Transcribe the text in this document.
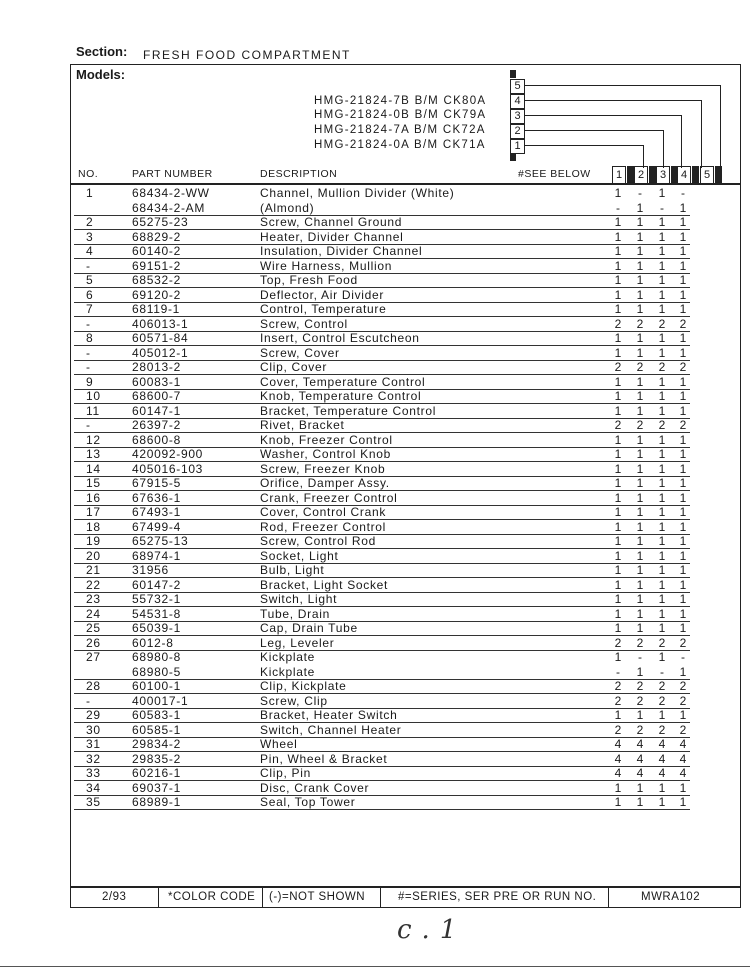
Section: FRESH FOOD COMPARTMENT
Models:
HMG-21824-7B B/M CK80A
HMG-21824-0B B/M CK79A
HMG-21824-7A B/M CK72A
HMG-21824-0A B/M CK71A
5
4
3
2
1
NO.	PART NUMBER	DESCRIPTION	#SEE BELOW	1	2	3	4	5
1	68434-2-WW	Channel, Mullion Divider (White)	1	-	1	-
68434-2-AM	(Almond)	-	1	-	1
2	65275-23	Screw, Channel Ground	1	1	1	1
3	68829-2	Heater, Divider Channel	1	1	1	1
4	60140-2	Insulation, Divider Channel	1	1	1	1
-	69151-2	Wire Harness, Mullion	1	1	1	1
5	68532-2	Top, Fresh Food	1	1	1	1
6	69120-2	Deflector, Air Divider	1	1	1	1
7	68119-1	Control, Temperature	1	1	1	1
-	406013-1	Screw, Control	2	2	2	2
8	60571-84	Insert, Control Escutcheon	1	1	1	1
-	405012-1	Screw, Cover	1	1	1	1
-	28013-2	Clip, Cover	2	2	2	2
9	60083-1	Cover, Temperature Control	1	1	1	1
10	68600-7	Knob, Temperature Control	1	1	1	1
11	60147-1	Bracket, Temperature Control	1	1	1	1
-	26397-2	Rivet, Bracket	2	2	2	2
12	68600-8	Knob, Freezer Control	1	1	1	1
13	420092-900	Washer, Control Knob	1	1	1	1
14	405016-103	Screw, Freezer Knob	1	1	1	1
15	67915-5	Orifice, Damper Assy.	1	1	1	1
16	67636-1	Crank, Freezer Control	1	1	1	1
17	67493-1	Cover, Control Crank	1	1	1	1
18	67499-4	Rod, Freezer Control	1	1	1	1
19	65275-13	Screw, Control Rod	1	1	1	1
20	68974-1	Socket, Light	1	1	1	1
21	31956	Bulb, Light	1	1	1	1
22	60147-2	Bracket, Light Socket	1	1	1	1
23	55732-1	Switch, Light	1	1	1	1
24	54531-8	Tube, Drain	1	1	1	1
25	65039-1	Cap, Drain Tube	1	1	1	1
26	6012-8	Leg, Leveler	2	2	2	2
27	68980-8	Kickplate	1	-	1	-
68980-5	Kickplate	-	1	-	1
28	60100-1	Clip, Kickplate	2	2	2	2
-	400017-1	Screw, Clip	2	2	2	2
29	60583-1	Bracket, Heater Switch	1	1	1	1
30	60585-1	Switch, Channel Heater	2	2	2	2
31	29834-2	Wheel	4	4	4	4
32	29835-2	Pin, Wheel & Bracket	4	4	4	4
33	60216-1	Clip, Pin	4	4	4	4
34	69037-1	Disc, Crank Cover	1	1	1	1
35	68989-1	Seal, Top Tower	1	1	1	1
2/93	*COLOR CODE (-)=NOT SHOWN	#=SERIES, SER PRE OR RUN NO.	MWRA102
c.1
